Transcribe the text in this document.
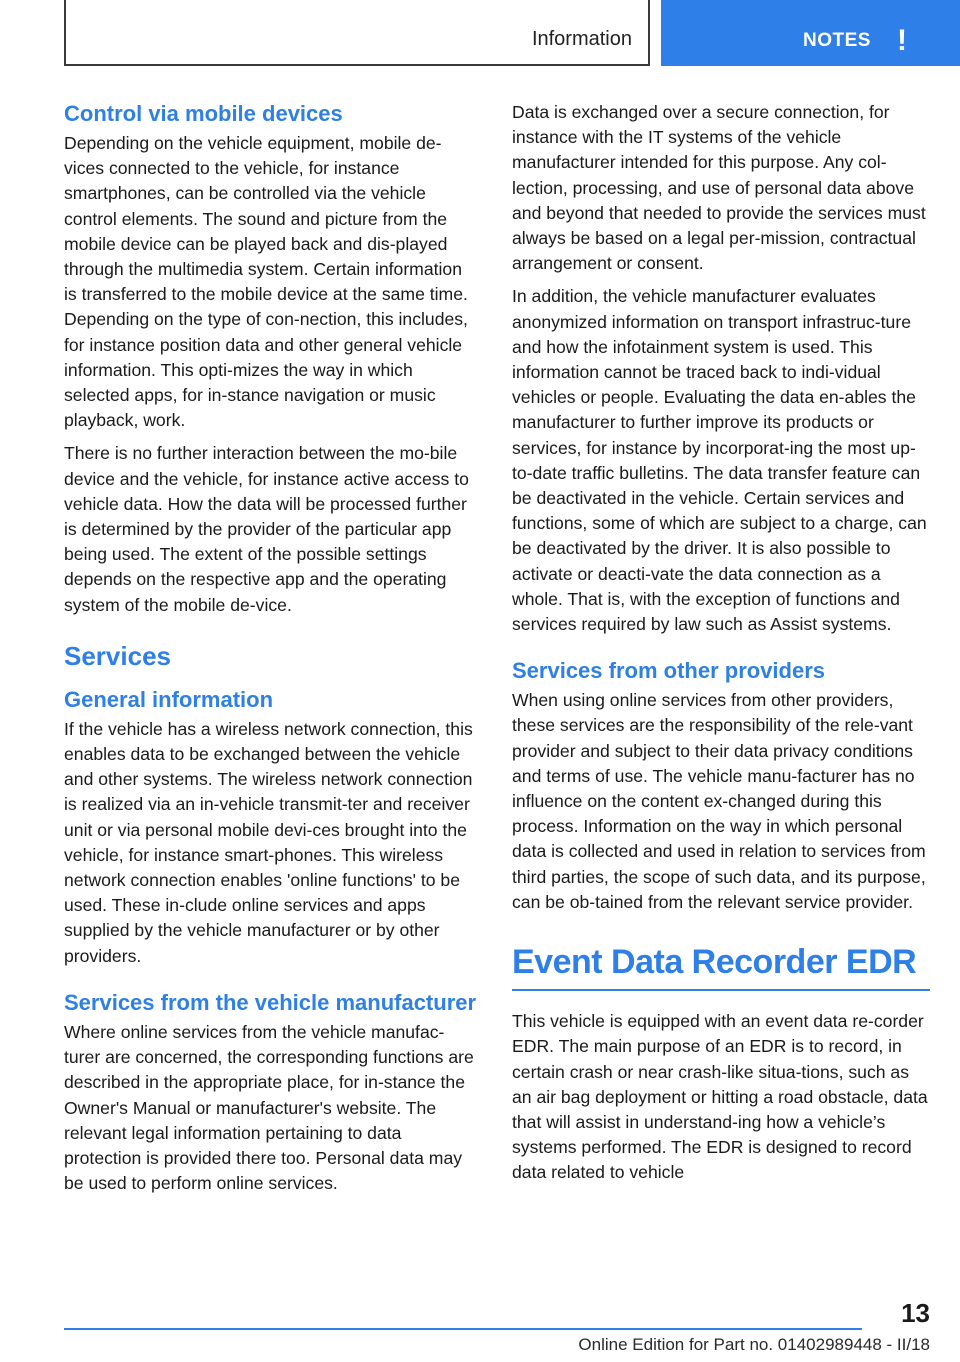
Information	NOTES !
Control via mobile devices

Depending on the vehicle equipment, mobile de-vices connected to the vehicle, for instance smartphones, can be controlled via the vehicle control elements. The sound and picture from the mobile device can be played back and dis-played through the multimedia system. Certain information is transferred to the mobile device at the same time. Depending on the type of con-nection, this includes, for instance position data and other general vehicle information. This opti-mizes the way in which selected apps, for in-stance navigation or music playback, work.

There is no further interaction between the mo-bile device and the vehicle, for instance active access to vehicle data. How the data will be processed further is determined by the provider of the particular app being used. The extent of the possible settings depends on the respective app and the operating system of the mobile de-vice.

Services
General information

If the vehicle has a wireless network connection, this enables data to be exchanged between the vehicle and other systems. The wireless network connection is realized via an in-vehicle transmit-ter and receiver unit or via personal mobile devi-ces brought into the vehicle, for instance smart-phones. This wireless network connection enables 'online functions' to be used. These in-clude online services and apps supplied by the vehicle manufacturer or by other providers.

Services from the vehicle manufacturer

Where online services from the vehicle manufac-turer are concerned, the corresponding functions are described in the appropriate place, for in-stance the Owner's Manual or manufacturer's website. The relevant legal information pertaining to data protection is provided there too. Personal data may be used to perform online services.

Data is exchanged over a secure connection, for instance with the IT systems of the vehicle manufacturer intended for this purpose. Any col-lection, processing, and use of personal data above and beyond that needed to provide the services must always be based on a legal per-mission, contractual arrangement or consent.

In addition, the vehicle manufacturer evaluates anonymized information on transport infrastruc-ture and how the infotainment system is used. This information cannot be traced back to indi-vidual vehicles or people. Evaluating the data en-ables the manufacturer to further improve its products or services, for instance by incorporat-ing the most up-to-date traffic bulletins. The data transfer feature can be deactivated in the vehicle. Certain services and functions, some of which are subject to a charge, can be deactivated by the driver. It is also possible to activate or deacti-vate the data connection as a whole. That is, with the exception of functions and services required by law such as Assist systems.

Services from other providers

When using online services from other providers, these services are the responsibility of the rele-vant provider and subject to their data privacy conditions and terms of use. The vehicle manu-facturer has no influence on the content ex-changed during this process. Information on the way in which personal data is collected and used in relation to services from third parties, the scope of such data, and its purpose, can be ob-tained from the relevant service provider.

Event Data Recorder EDR

This vehicle is equipped with an event data re-corder EDR. The main purpose of an EDR is to record, in certain crash or near crash-like situa-tions, such as an air bag deployment or hitting a road obstacle, data that will assist in understand-ing how a vehicle’s systems performed. The EDR is designed to record data related to vehicle

13
Online Edition for Part no. 01402989448 - II/18
